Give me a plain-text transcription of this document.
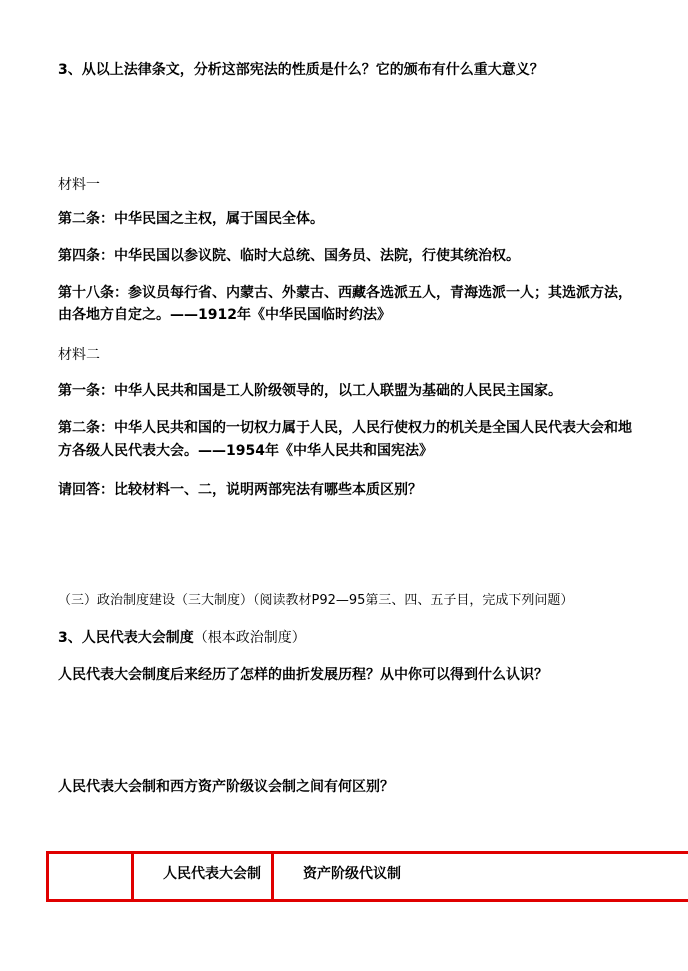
3、从以上法律条文，分析这部宪法的性质是什么？它的颁布有什么重大意义？
材料一
第二条：中华民国之主权，属于国民全体。
第四条：中华民国以参议院、临时大总统、国务员、法院，行使其统治权。
第十八条：参议员每行省、内蒙古、外蒙古、西藏各选派五人，青海选派一人；其选派方法，
由各地方自定之。——1912年《中华民国临时约法》
材料二
第一条：中华人民共和国是工人阶级领导的，以工人联盟为基础的人民民主国家。
第二条：中华人民共和国的一切权力属于人民，人民行使权力的机关是全国人民代表大会和地
方各级人民代表大会。——1954年《中华人民共和国宪法》
请回答：比较材料一、二，说明两部宪法有哪些本质区别？
（三）政治制度建设（三大制度）（阅读教材P92—95第三、四、五子目，完成下列问题）
3、人民代表大会制度（根本政治制度）
人民代表大会制度后来经历了怎样的曲折发展历程？从中你可以得到什么认识？
人民代表大会制和西方资产阶级议会制之间有何区别？

人民代表大会制	资产阶级代议制
